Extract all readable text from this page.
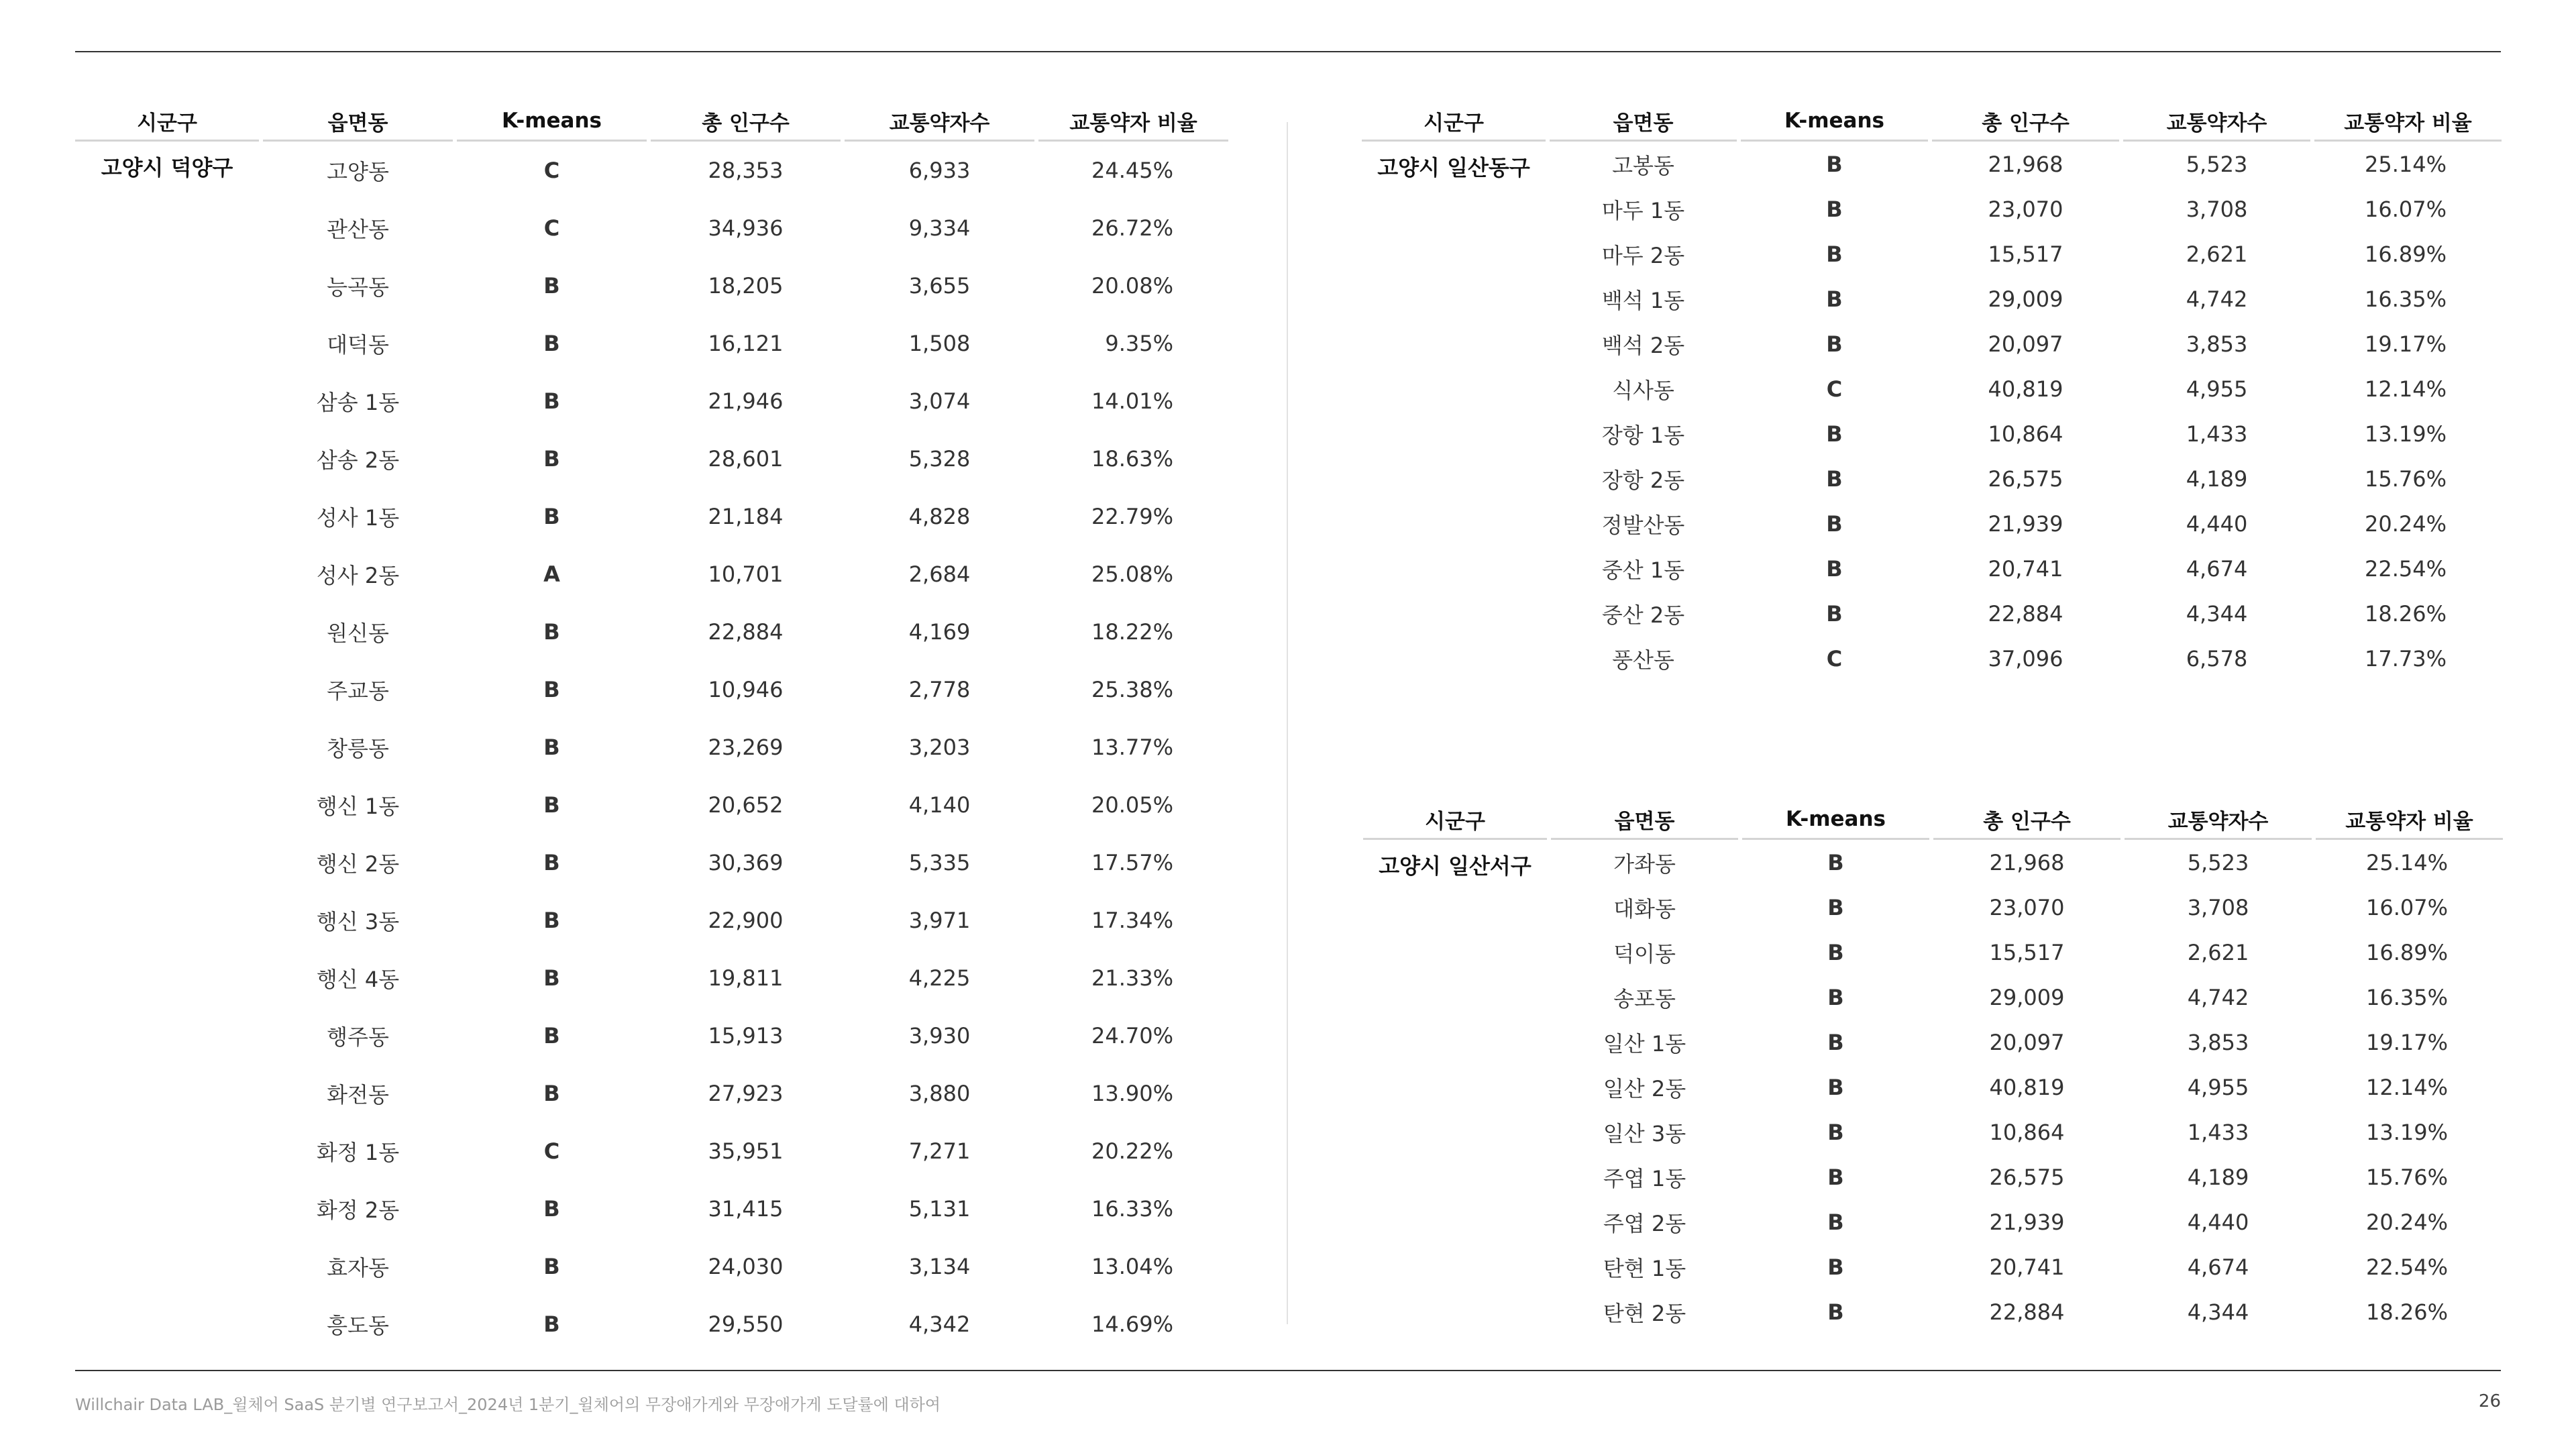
시군구	읍면동	K-means	총 인구수	교통약자수	교통약자 비율
고양시 덕양구	고양동	C	28,353	6,933	24.45%
	관산동	C	34,936	9,334	26.72%
	능곡동	B	18,205	3,655	20.08%
	대덕동	B	16,121	1,508	9.35%
	삼송 1동	B	21,946	3,074	14.01%
	삼송 2동	B	28,601	5,328	18.63%
	성사 1동	B	21,184	4,828	22.79%
	성사 2동	A	10,701	2,684	25.08%
	원신동	B	22,884	4,169	18.22%
	주교동	B	10,946	2,778	25.38%
	창릉동	B	23,269	3,203	13.77%
	행신 1동	B	20,652	4,140	20.05%
	행신 2동	B	30,369	5,335	17.57%
	행신 3동	B	22,900	3,971	17.34%
	행신 4동	B	19,811	4,225	21.33%
	행주동	B	15,913	3,930	24.70%
	화전동	B	27,923	3,880	13.90%
	화정 1동	C	35,951	7,271	20.22%
	화정 2동	B	31,415	5,131	16.33%
	효자동	B	24,030	3,134	13.04%
	흥도동	B	29,550	4,342	14.69%
시군구	읍면동	K-means	총 인구수	교통약자수	교통약자 비율
고양시 일산동구	고봉동	B	21,968	5,523	25.14%
	마두 1동	B	23,070	3,708	16.07%
	마두 2동	B	15,517	2,621	16.89%
	백석 1동	B	29,009	4,742	16.35%
	백석 2동	B	20,097	3,853	19.17%
	식사동	C	40,819	4,955	12.14%
	장항 1동	B	10,864	1,433	13.19%
	장항 2동	B	26,575	4,189	15.76%
	정발산동	B	21,939	4,440	20.24%
	중산 1동	B	20,741	4,674	22.54%
	중산 2동	B	22,884	4,344	18.26%
	풍산동	C	37,096	6,578	17.73%
시군구	읍면동	K-means	총 인구수	교통약자수	교통약자 비율
고양시 일산서구	가좌동	B	21,968	5,523	25.14%
	대화동	B	23,070	3,708	16.07%
	덕이동	B	15,517	2,621	16.89%
	송포동	B	29,009	4,742	16.35%
	일산 1동	B	20,097	3,853	19.17%
	일산 2동	B	40,819	4,955	12.14%
	일산 3동	B	10,864	1,433	13.19%
	주엽 1동	B	26,575	4,189	15.76%
	주엽 2동	B	21,939	4,440	20.24%
	탄현 1동	B	20,741	4,674	22.54%
	탄현 2동	B	22,884	4,344	18.26%
Willchair Data LAB_윌체어 SaaS 분기별 연구보고서_2024년 1분기_윌체어의 무장애가게와 무장애가게 도달률에 대하여	26
